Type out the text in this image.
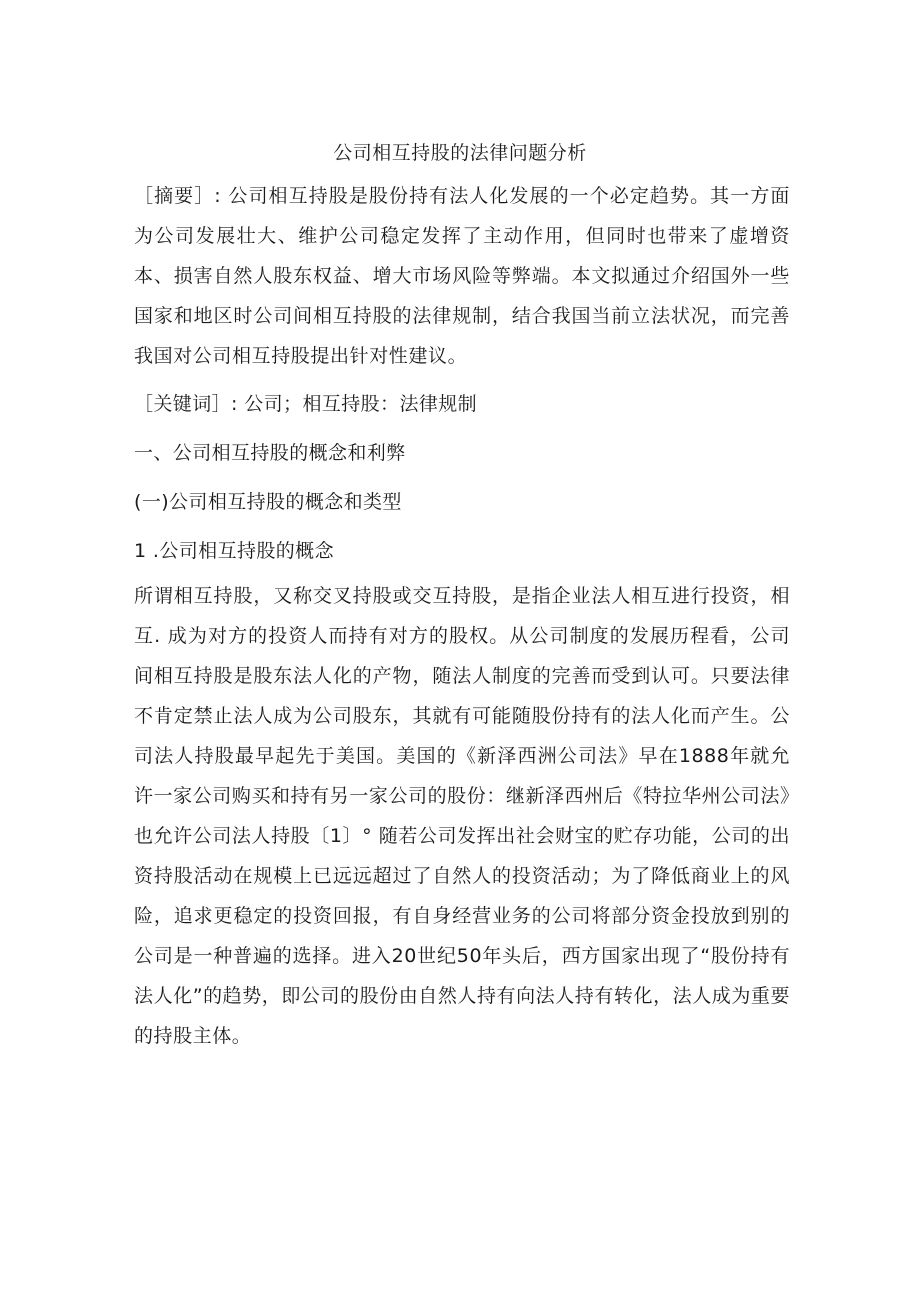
公司相互持股的法律问题分析

［摘要］: 公司相互持股是股份持有法人化发展的一个必定趋势。其一方面为公司发展壮大、维护公司稳定发挥了主动作用，但同时也带来了虚增资本、损害自然人股东权益、增大市场风险等弊端。本文拟通过介绍国外一些国家和地区时公司间相互持股的法律规制，结合我国当前立法状况，而完善我国对公司相互持股提出针对性建议。

［关键词］: 公司；相互持股：法律规制

一、公司相互持股的概念和利弊

(一)公司相互持股的概念和类型

1 .公司相互持股的概念

所谓相互持股，又称交叉持股或交互持股，是指企业法人相互进行投资，相互. 成为对方的投资人而持有对方的股权。从公司制度的发展历程看，公司间相互持股是股东法人化的产物，随法人制度的完善而受到认可。只要法律不肯定禁止法人成为公司股东，其就有可能随股份持有的法人化而产生。公司法人持股最早起先于美国。美国的《新泽西洲公司法》早在1888年就允许一家公司购买和持有另一家公司的股份：继新泽西州后《特拉华州公司法》也允许公司法人持股〔1〕° 随若公司发挥出社会财宝的贮存功能，公司的出资持股活动在规模上已远远超过了自然人的投资活动；为了降低商业上的风险，追求更稳定的投资回报，有自身经营业务的公司将部分资金投放到别的公司是一种普遍的选择。进入20世纪50年头后，西方国家出现了“股份持有法人化”的趋势，即公司的股份由自然人持有向法人持有转化，法人成为重要的持股主体。
